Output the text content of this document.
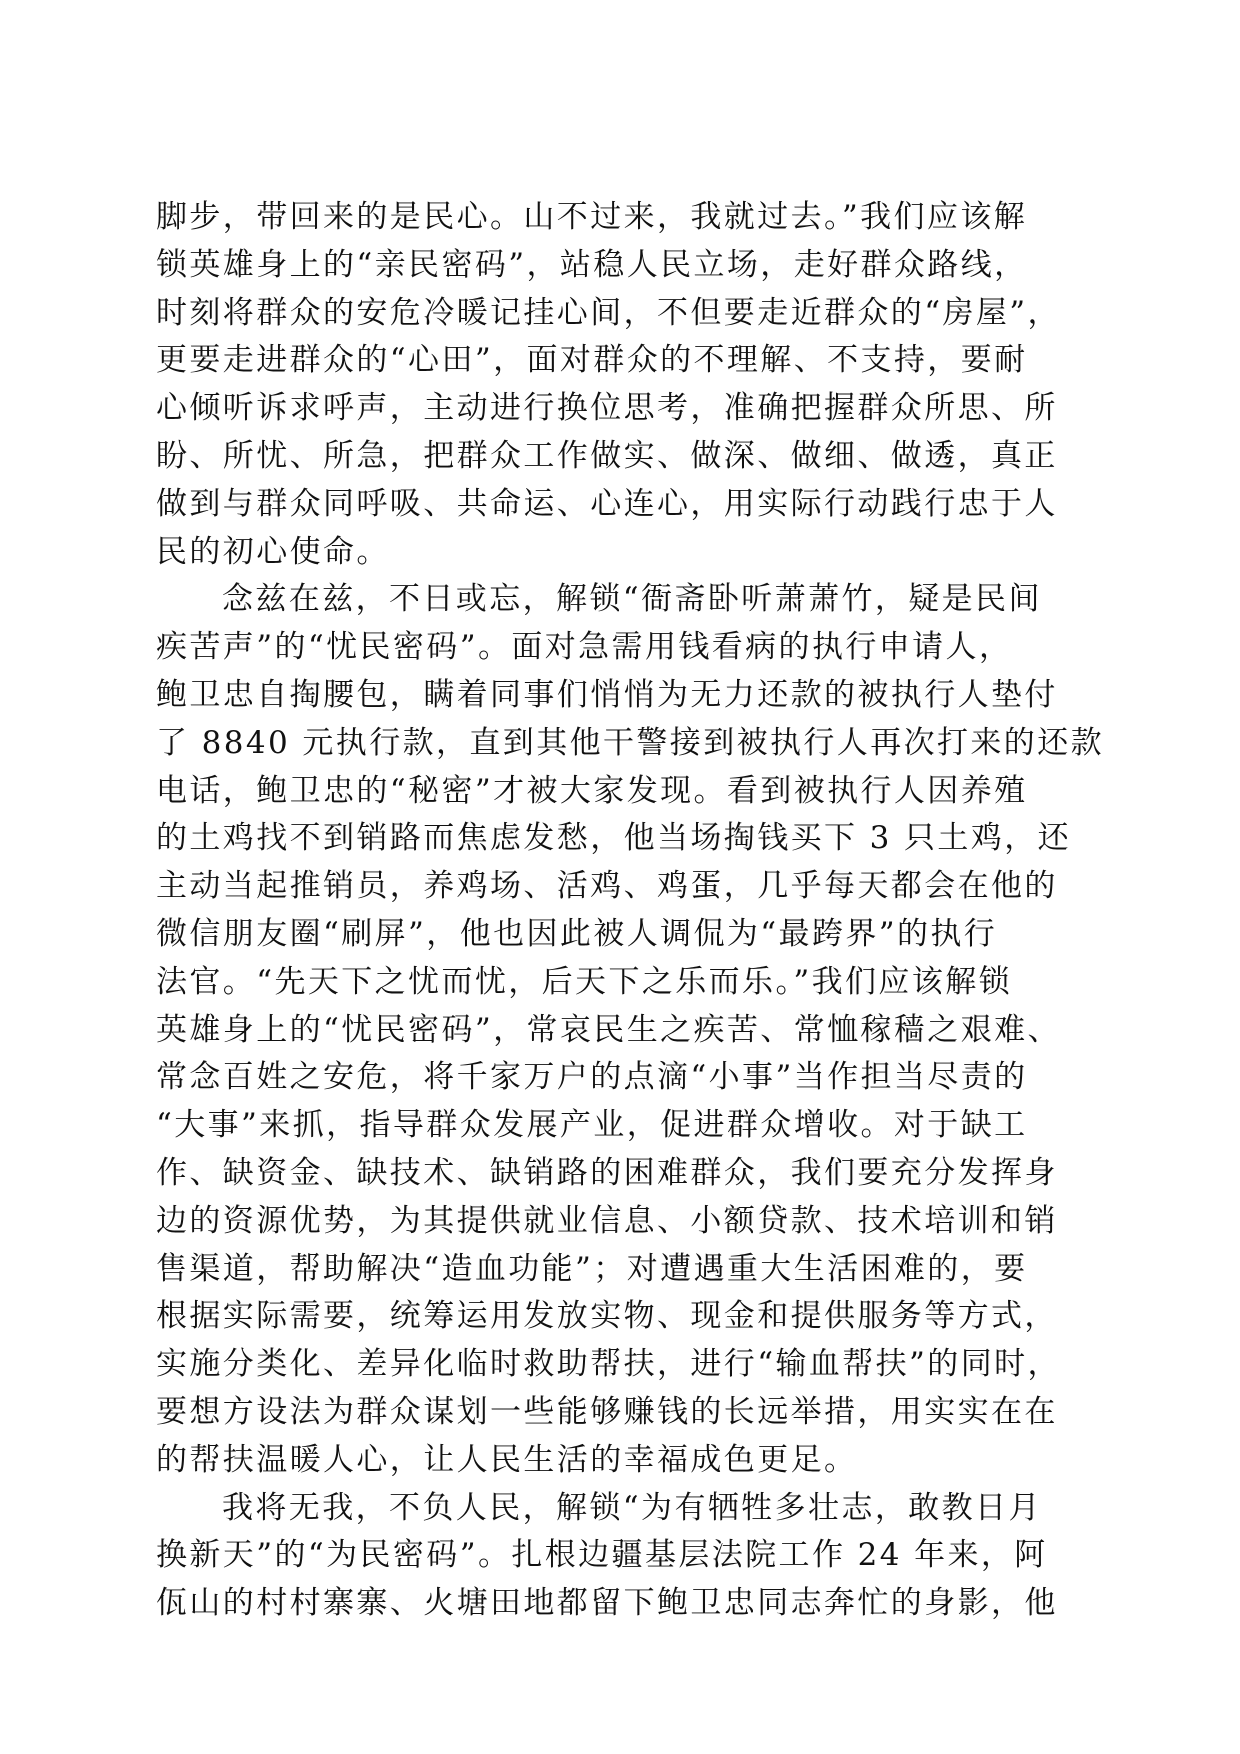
脚步，带回来的是民心。山不过来，我就过去。”我们应该解
锁英雄身上的“亲民密码”，站稳人民立场，走好群众路线，
时刻将群众的安危冷暖记挂心间，不但要走近群众的“房屋”，
更要走进群众的“心田”，面对群众的不理解、不支持，要耐
心倾听诉求呼声，主动进行换位思考，准确把握群众所思、所
盼、所忧、所急，把群众工作做实、做深、做细、做透，真正
做到与群众同呼吸、共命运、心连心，用实际行动践行忠于人
民的初心使命。
念兹在兹，不日或忘，解锁“衙斋卧听萧萧竹，疑是民间
疾苦声”的“忧民密码”。面对急需用钱看病的执行申请人，
鲍卫忠自掏腰包，瞒着同事们悄悄为无力还款的被执行人垫付
了 8840 元执行款，直到其他干警接到被执行人再次打来的还款
电话，鲍卫忠的“秘密”才被大家发现。看到被执行人因养殖
的土鸡找不到销路而焦虑发愁，他当场掏钱买下 3 只土鸡，还
主动当起推销员，养鸡场、活鸡、鸡蛋，几乎每天都会在他的
微信朋友圈“刷屏”，他也因此被人调侃为“最跨界”的执行
法官。“先天下之忧而忧，后天下之乐而乐。”我们应该解锁
英雄身上的“忧民密码”，常哀民生之疾苦、常恤稼穑之艰难、
常念百姓之安危，将千家万户的点滴“小事”当作担当尽责的
“大事”来抓，指导群众发展产业，促进群众增收。对于缺工
作、缺资金、缺技术、缺销路的困难群众，我们要充分发挥身
边的资源优势，为其提供就业信息、小额贷款、技术培训和销
售渠道，帮助解决“造血功能”；对遭遇重大生活困难的，要
根据实际需要，统筹运用发放实物、现金和提供服务等方式，
实施分类化、差异化临时救助帮扶，进行“输血帮扶”的同时，
要想方设法为群众谋划一些能够赚钱的长远举措，用实实在在
的帮扶温暖人心，让人民生活的幸福成色更足。
我将无我，不负人民，解锁“为有牺牲多壮志，敢教日月
换新天”的“为民密码”。扎根边疆基层法院工作 24 年来，阿
佤山的村村寨寨、火塘田地都留下鲍卫忠同志奔忙的身影，他
